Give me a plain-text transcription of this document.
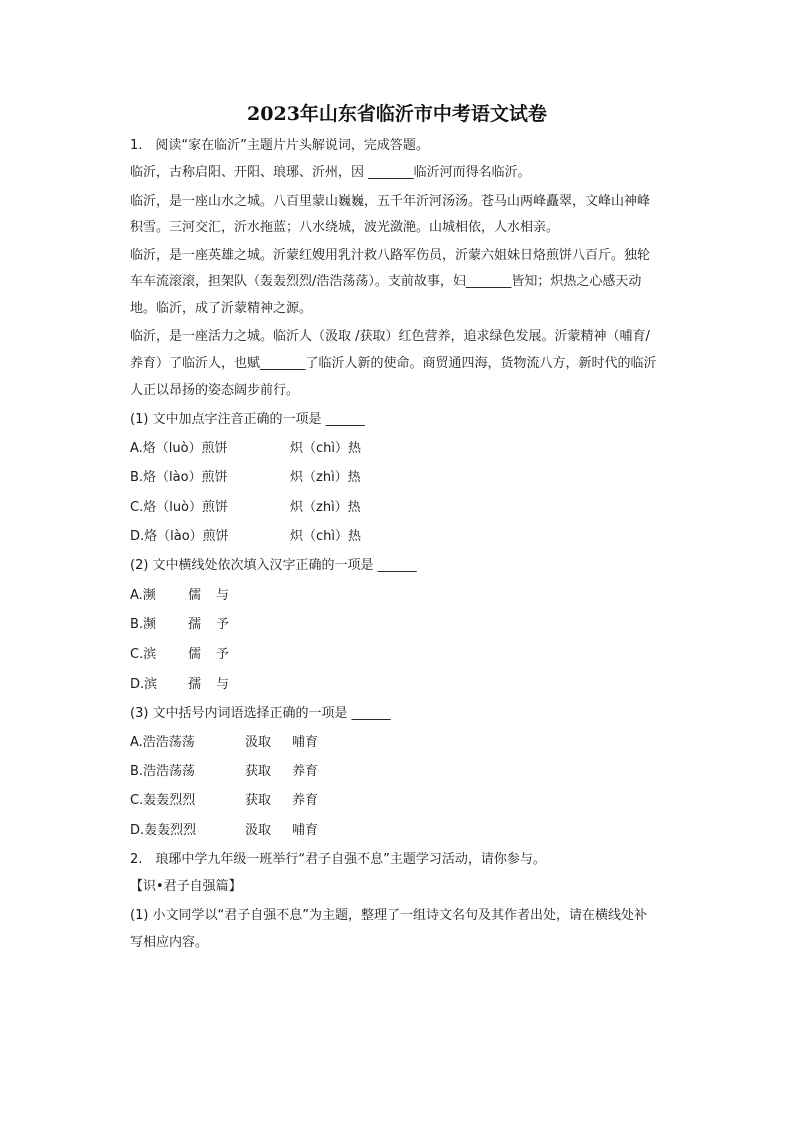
2023年山东省临沂市中考语文试卷
1.　阅读“家在临沂”主题片片头解说词，完成答题。
临沂，古称启阳、开阳、琅琊、沂州，因 _______临沂河而得名临沂。
临沂，是一座山水之城。八百里蒙山巍巍，五千年沂河汤汤。苍马山两峰矗翠，文峰山神峰
积雪。三河交汇，沂水拖蓝；八水绕城，波光潋滟。山城相依，人水相亲。
临沂，是一座英雄之城。沂蒙红嫂用乳汁救八路军伤员，沂蒙六姐妹日烙煎饼八百斤。独轮
车车流滚滚，担架队（轰轰烈烈/浩浩荡荡）。支前故事，妇_______皆知；炽热之心感天动
地。临沂，成了沂蒙精神之源。
临沂，是一座活力之城。临沂人（汲取 /获取）红色营养，追求绿色发展。沂蒙精神（哺育/
养育）了临沂人，也赋_______了临沂人新的使命。商贸通四海，货物流八方，新时代的临沂
人正以昂扬的姿态阔步前行。
(1) 文中加点字注音正确的一项是 ______
A.烙（luò）煎饼	炽（chì）热
B.烙（lào）煎饼	炽（zhì）热
C.烙（luò）煎饼	炽（zhì）热
D.烙（lào）煎饼	炽（chì）热
(2) 文中横线处依次填入汉字正确的一项是 ______
A.濒 儒 与
B.濒 孺 予
C.滨 儒 予
D.滨 孺 与
(3) 文中括号内词语选择正确的一项是 ______
A.浩浩荡荡	汲取 哺育
B.浩浩荡荡	获取 养育
C.轰轰烈烈	获取 养育
D.轰轰烈烈	汲取 哺育
2.　琅琊中学九年级一班举行“君子自强不息”主题学习活动，请你参与。
【识•君子自强篇】
(1) 小文同学以“君子自强不息”为主题，整理了一组诗文名句及其作者出处，请在横线处补
写相应内容。
